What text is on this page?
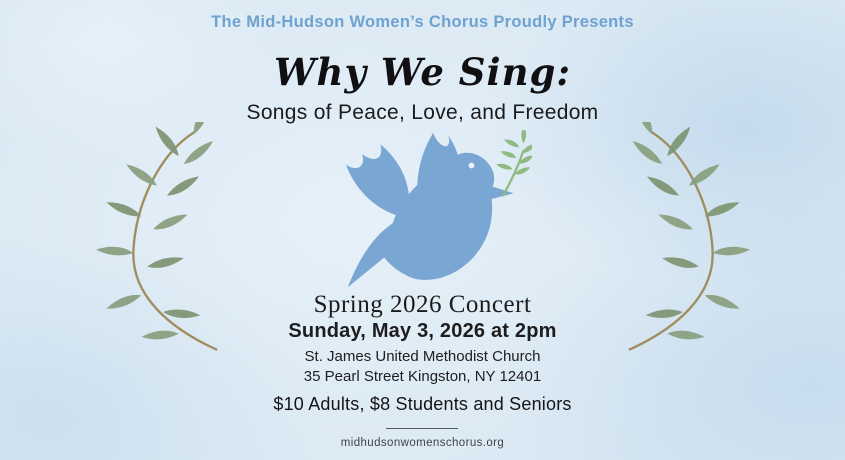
The Mid-Hudson Women’s Chorus Proudly Presents
Why We Sing:
Songs of Peace, Love, and Freedom
Spring 2026 Concert
Sunday, May 3, 2026 at 2pm
St. James United Methodist Church
35 Pearl Street Kingston, NY 12401
$10 Adults, $8 Students and Seniors
midhudsonwomenschorus.org
